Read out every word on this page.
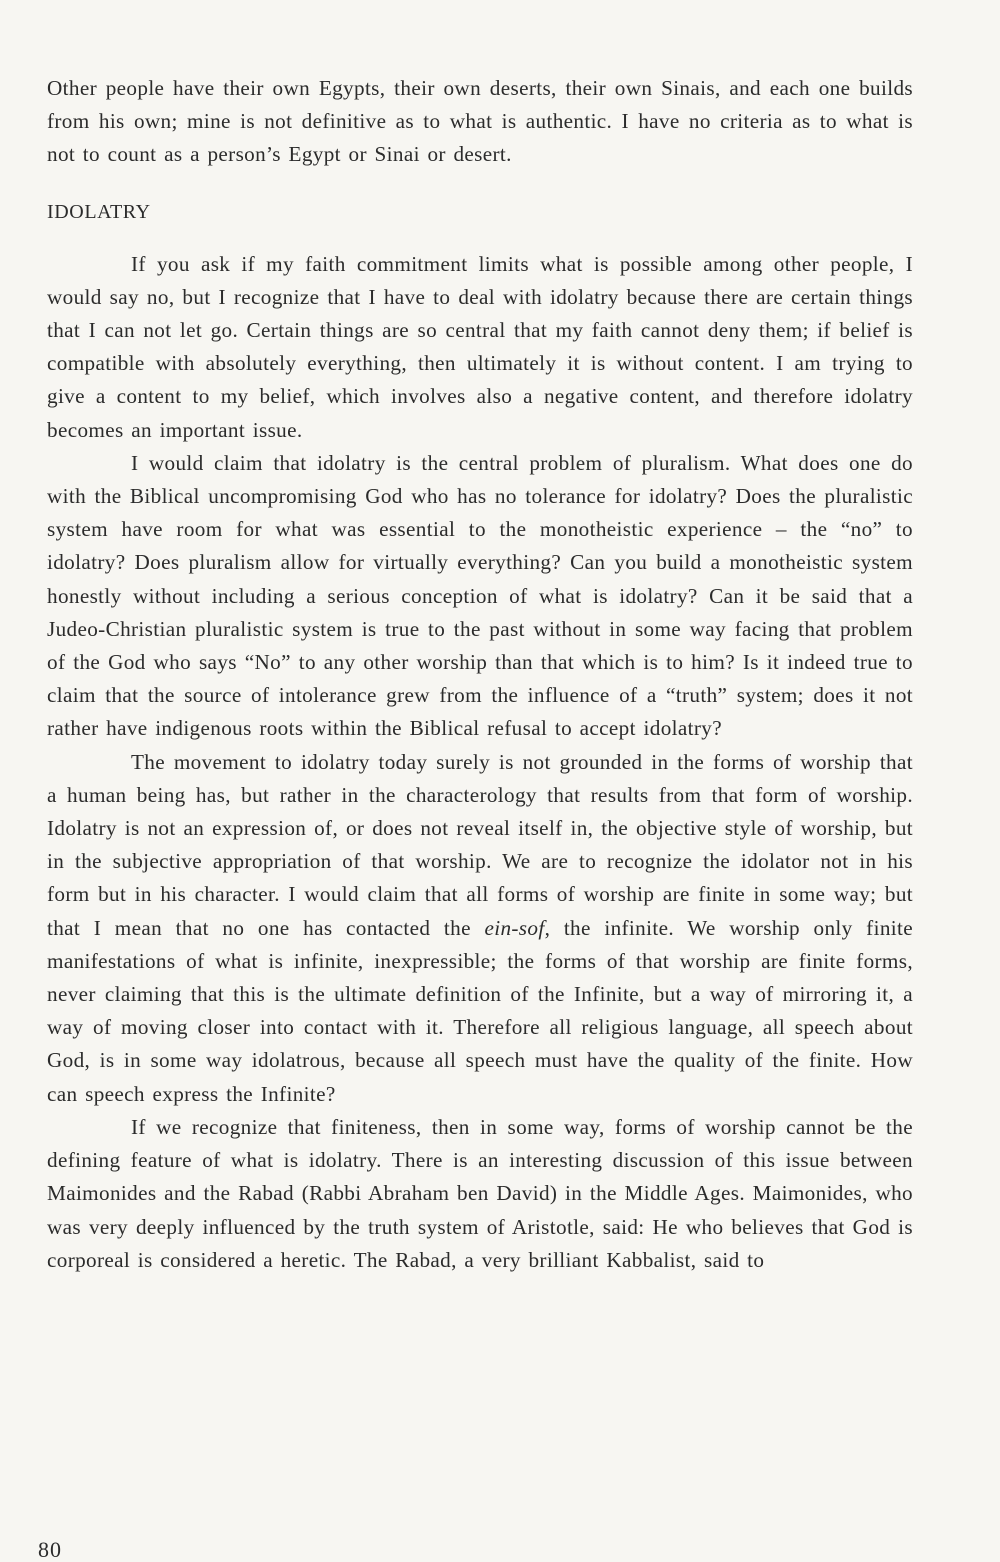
Other people have their own Egypts, their own deserts, their own Sinais, and each one builds from his own; mine is not definitive as to what is authentic. I have no criteria as to what is not to count as a person’s Egypt or Sinai or desert.

IDOLATRY

If you ask if my faith commitment limits what is possible among other people, I would say no, but I recognize that I have to deal with idolatry because there are certain things that I can not let go. Certain things are so central that my faith cannot deny them; if belief is compatible with absolutely everything, then ultimately it is without content. I am trying to give a content to my belief, which involves also a negative content, and therefore idolatry becomes an important issue.

I would claim that idolatry is the central problem of pluralism. What does one do with the Biblical uncompromising God who has no tolerance for idolatry? Does the pluralistic system have room for what was essential to the monotheistic experience – the “no” to idolatry? Does pluralism allow for virtually everything? Can you build a monotheistic system honestly without including a serious conception of what is idolatry? Can it be said that a Judeo-Christian pluralistic system is true to the past without in some way facing that problem of the God who says “No” to any other worship than that which is to him? Is it indeed true to claim that the source of intolerance grew from the influence of a “truth” system; does it not rather have indigenous roots within the Biblical refusal to accept idolatry?

The movement to idolatry today surely is not grounded in the forms of worship that a human being has, but rather in the characterology that results from that form of worship. Idolatry is not an expression of, or does not reveal itself in, the objective style of worship, but in the subjective appropriation of that worship. We are to recognize the idolator not in his form but in his character. I would claim that all forms of worship are finite in some way; but that I mean that no one has contacted the ein-sof, the infinite. We worship only finite manifestations of what is infinite, inexpressible; the forms of that worship are finite forms, never claiming that this is the ultimate definition of the Infinite, but a way of mirroring it, a way of moving closer into contact with it. Therefore all religious language, all speech about God, is in some way idolatrous, because all speech must have the quality of the finite. How can speech express the Infinite?

If we recognize that finiteness, then in some way, forms of worship cannot be the defining feature of what is idolatry. There is an interesting discussion of this issue between Maimonides and the Rabad (Rabbi Abraham ben David) in the Middle Ages. Maimonides, who was very deeply influenced by the truth system of Aristotle, said: He who believes that God is corporeal is considered a heretic. The Rabad, a very brilliant Kabbalist, said to

80
